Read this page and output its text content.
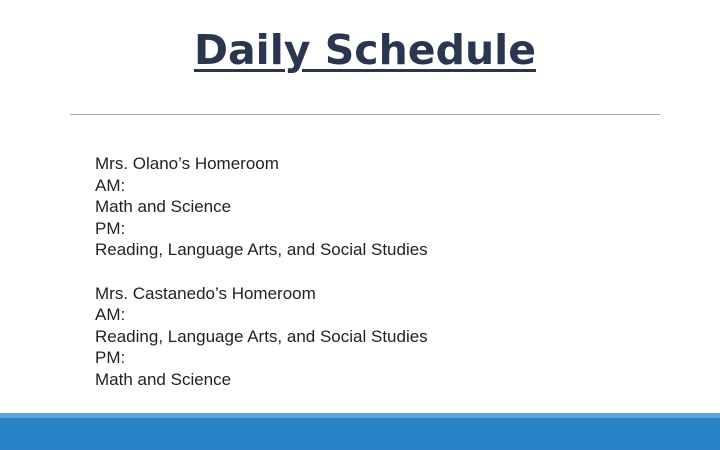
Daily Schedule
Mrs. Olano’s Homeroom
AM:
Math and Science
PM:
Reading, Language Arts, and Social Studies
Mrs. Castanedo’s Homeroom
AM:
Reading, Language Arts, and Social Studies
PM:
Math and Science
